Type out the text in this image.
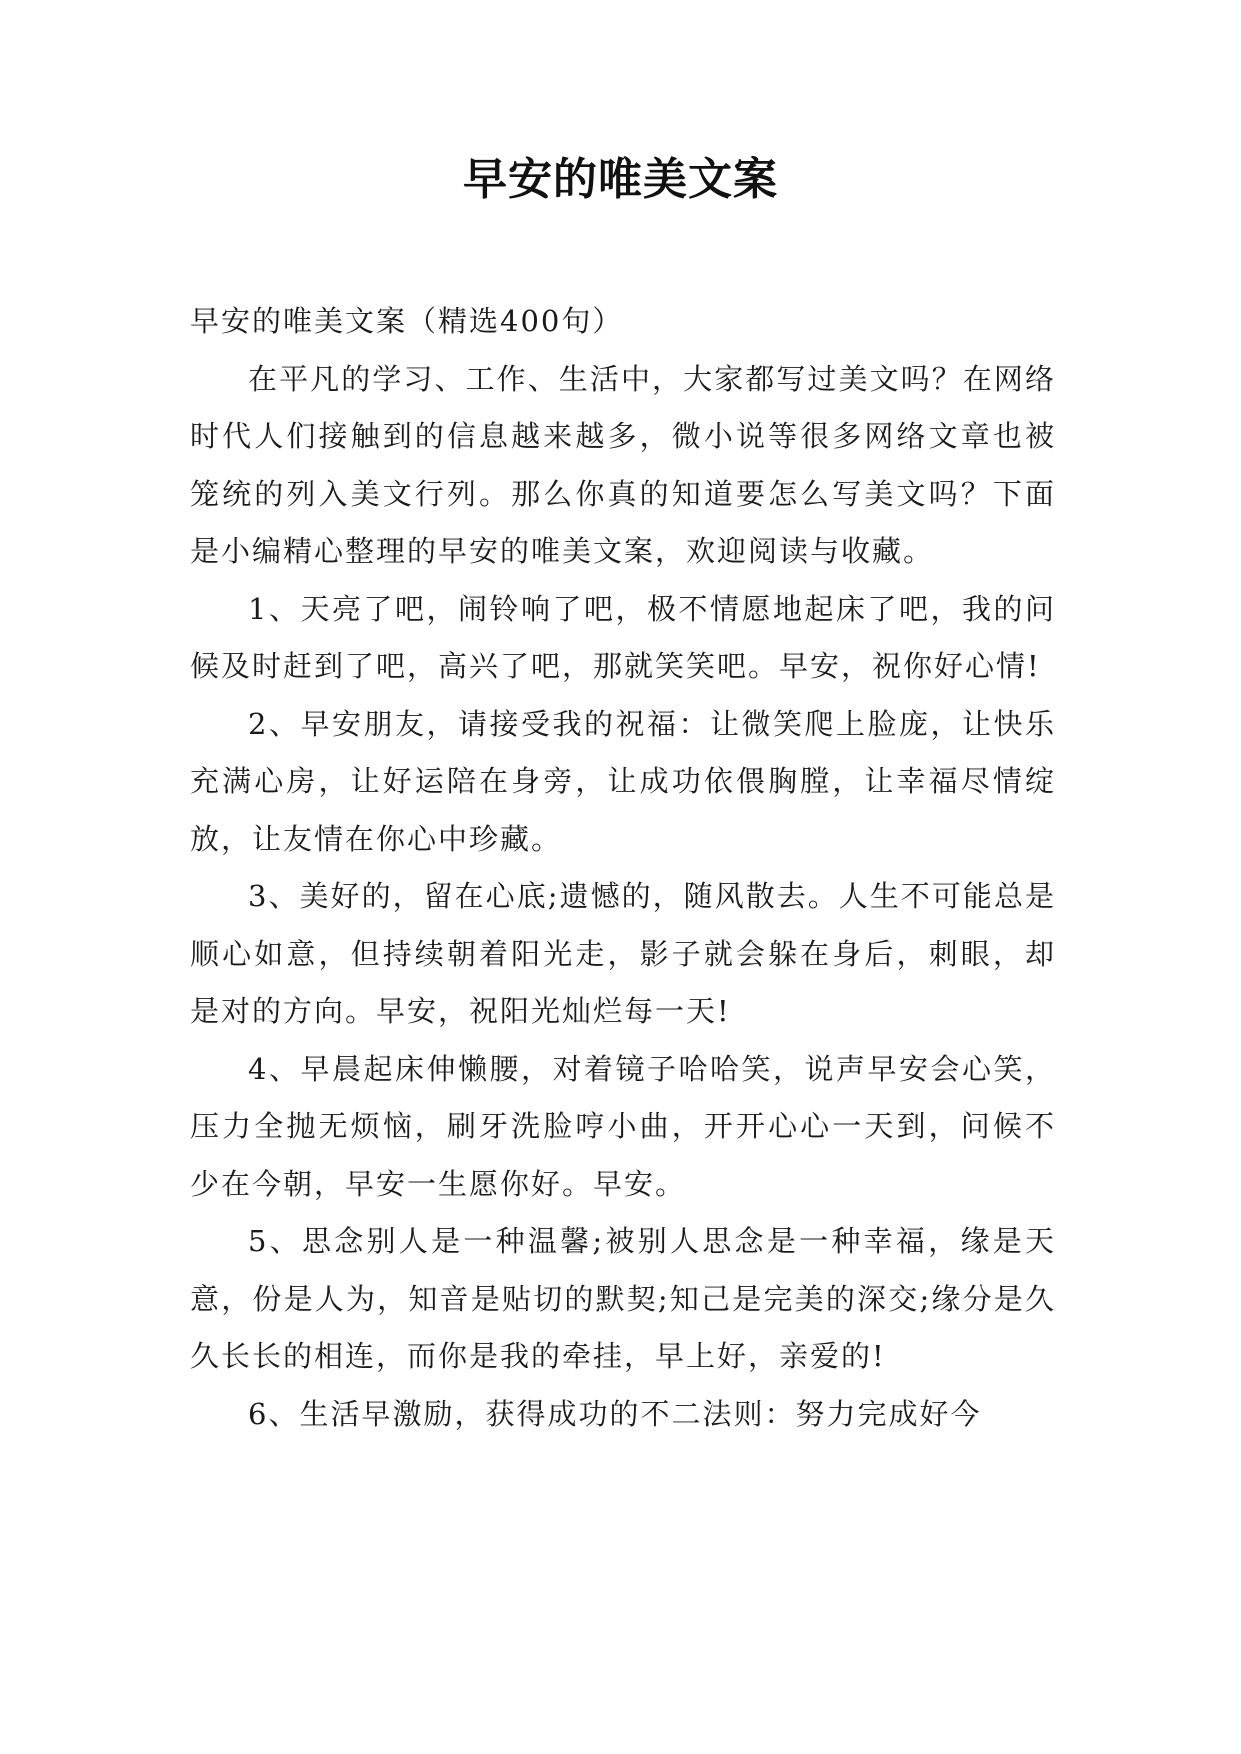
早安的唯美文案

早安的唯美文案（精选400句）

在平凡的学习、工作、生活中，大家都写过美文吗？在网络时代人们接触到的信息越来越多，微小说等很多网络文章也被笼统的列入美文行列。那么你真的知道要怎么写美文吗？下面是小编精心整理的早安的唯美文案，欢迎阅读与收藏。

1、天亮了吧，闹铃响了吧，极不情愿地起床了吧，我的问候及时赶到了吧，高兴了吧，那就笑笑吧。早安，祝你好心情!

2、早安朋友，请接受我的祝福：让微笑爬上脸庞，让快乐充满心房，让好运陪在身旁，让成功依偎胸膛，让幸福尽情绽放，让友情在你心中珍藏。

3、美好的，留在心底;遗憾的，随风散去。人生不可能总是顺心如意，但持续朝着阳光走，影子就会躲在身后，刺眼，却是对的方向。早安，祝阳光灿烂每一天!

4、早晨起床伸懒腰，对着镜子哈哈笑，说声早安会心笑，压力全抛无烦恼，刷牙洗脸哼小曲，开开心心一天到，问候不少在今朝，早安一生愿你好。早安。

5、思念别人是一种温馨;被别人思念是一种幸福，缘是天意，份是人为，知音是贴切的默契;知己是完美的深交;缘分是久久长长的相连，而你是我的牵挂，早上好，亲爱的!

6、生活早激励，获得成功的不二法则：努力完成好今
